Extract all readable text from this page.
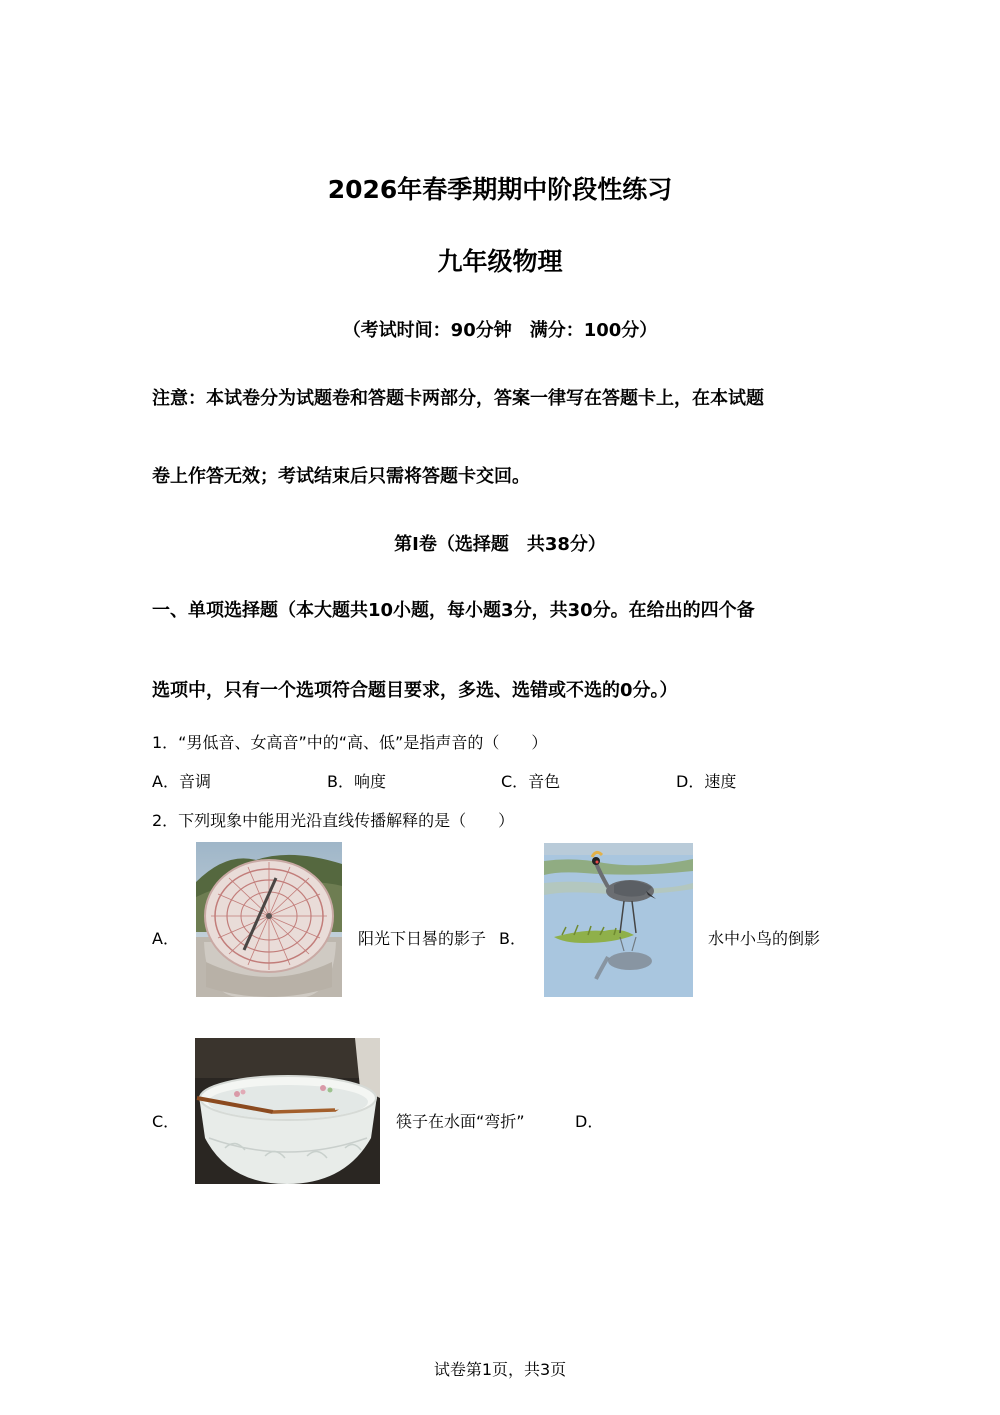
2026年春季期期中阶段性练习
九年级物理
（考试时间：90分钟　满分：100分）
注意：本试卷分为试题卷和答题卡两部分，答案一律写在答题卡上，在本试题
卷上作答无效；考试结束后只需将答题卡交回。
第I卷（选择题　共38分）
一、单项选择题（本大题共10小题，每小题3分，共30分。在给出的四个备
选项中，只有一个选项符合题目要求，多选、选错或不选的0分。）
1．“男低音、女高音”中的“高、低”是指声音的（　　）
A．音调	B．响度	C．音色	D．速度
2．下列现象中能用光沿直线传播解释的是（　　）
A．	阳光下日晷的影子 B．	水中小鸟的倒影
C．	筷子在水面“弯折”	D．
试卷第1页，共3页
